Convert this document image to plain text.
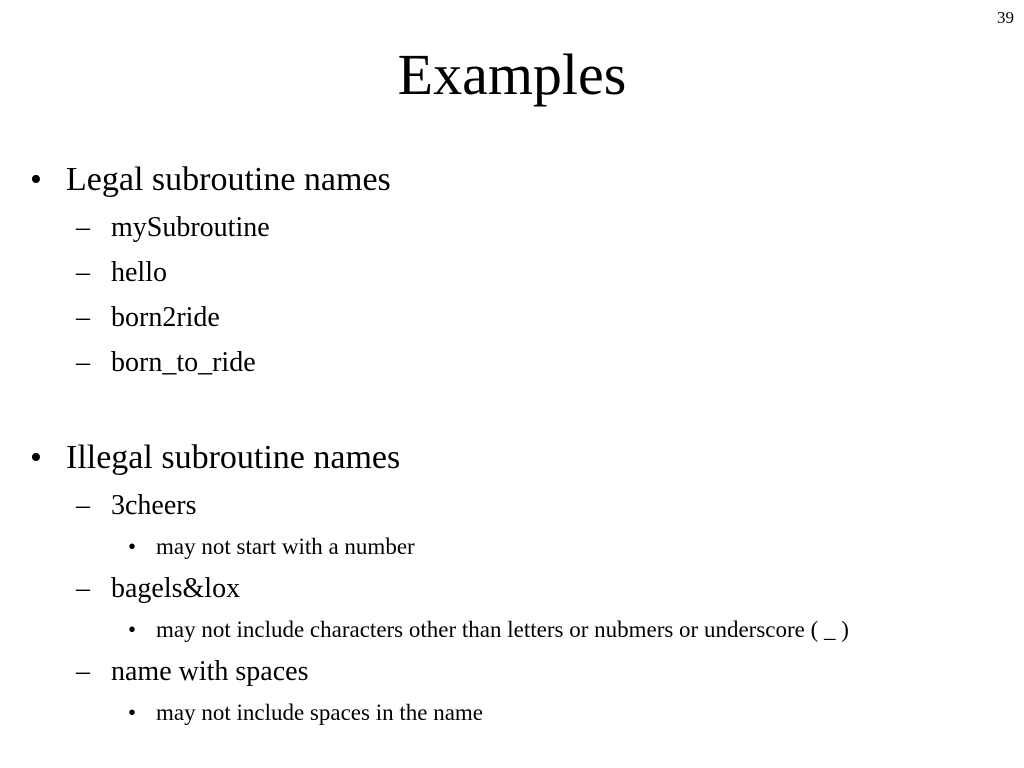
39
Examples
• Legal subroutine names
– mySubroutine
– hello
– born2ride
– born_to_ride
• Illegal subroutine names
– 3cheers
• may not start with a number
– bagels&lox
• may not include characters other than letters or nubmers or underscore ( _ )
– name with spaces
• may not include spaces in the name
